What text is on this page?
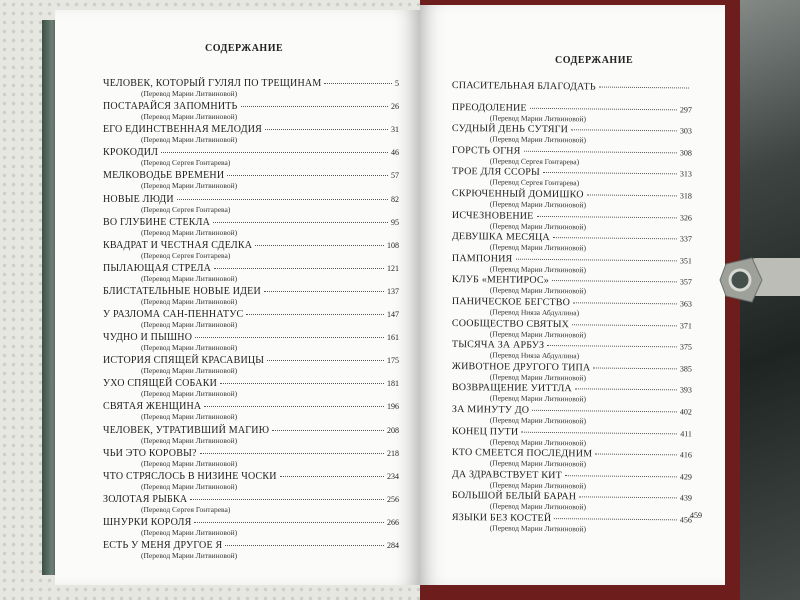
СОДЕРЖАНИЕ
СОДЕРЖАНИЕ
ЧЕЛОВЕК, КОТОРЫЙ ГУЛЯЛ ПО ТРЕЩИНАМ	5
(Перевод Марии Литвиновой)
ПОСТАРАЙСЯ ЗАПОМНИТЬ	26
(Перевод Марии Литвиновой)
ЕГО ЕДИНСТВЕННАЯ МЕЛОДИЯ	31
(Перевод Марии Литвиновой)
КРОКОДИЛ	46
(Перевод Сергея Гонтарева)
МЕЛКОВОДЬЕ ВРЕМЕНИ	57
(Перевод Марии Литвиновой)
НОВЫЕ ЛЮДИ	82
(Перевод Сергея Гонтарева)
ВО ГЛУБИНЕ СТЕКЛА	95
(Перевод Марии Литвиновой)
КВАДРАТ И ЧЕСТНАЯ СДЕЛКА	108
(Перевод Сергея Гонтарева)
ПЫЛАЮЩАЯ СТРЕЛА	121
(Перевод Марии Литвиновой)
БЛИСТАТЕЛЬНЫЕ НОВЫЕ ИДЕИ	137
(Перевод Марии Литвиновой)
У РАЗЛОМА САН-ПЕННАТУС	147
(Перевод Марии Литвиновой)
ЧУДНО И ПЫШНО	161
(Перевод Марии Литвиновой)
ИСТОРИЯ СПЯЩЕЙ КРАСАВИЦЫ	175
(Перевод Марии Литвиновой)
УХО СПЯЩЕЙ СОБАКИ	181
(Перевод Марии Литвиновой)
СВЯТАЯ ЖЕНЩИНА	196
(Перевод Марии Литвиновой)
ЧЕЛОВЕК, УТРАТИВШИЙ МАГИЮ	208
(Перевод Марии Литвиновой)
ЧЬИ ЭТО КОРОВЫ?	218
(Перевод Марии Литвиновой)
ЧТО СТРЯСЛОСЬ В НИЗИНЕ ЧОСКИ	234
(Перевод Марии Литвиновой)
ЗОЛОТАЯ РЫБКА	256
(Перевод Сергея Гонтарева)
ШНУРКИ КОРОЛЯ	266
(Перевод Марии Литвиновой)
ЕСТЬ У МЕНЯ ДРУГОЕ Я	284
(Перевод Марии Литвиновой)
СПАСИТЕЛЬНАЯ БЛАГОДАТЬ
ПРЕОДОЛЕНИЕ	297
(Перевод Марии Литвиновой)
СУДНЫЙ ДЕНЬ СУТЯГИ	303
(Перевод Марии Литвиновой)
ГОРСТЬ ОГНЯ	308
(Перевод Сергея Гонтарева)
ТРОЕ ДЛЯ ССОРЫ	313
(Перевод Сергея Гонтарева)
СКРЮЧЕННЫЙ ДОМИШКО	318
(Перевод Марии Литвиновой)
ИСЧЕЗНОВЕНИЕ	326
(Перевод Марии Литвиновой)
ДЕВУШКА МЕСЯЦА	337
(Перевод Марии Литвиновой)
ПАМПОНИЯ	351
(Перевод Марии Литвиновой)
КЛУБ «МЕНТИРОС»	357
(Перевод Марии Литвиновой)
ПАНИЧЕСКОЕ БЕГСТВО	363
(Перевод Ниязa Абдуллина)
СООБЩЕСТВО СВЯТЫХ	371
(Перевод Марии Литвиновой)
ТЫСЯЧА ЗА АРБУЗ	375
(Перевод Нияза Абдуллина)
ЖИВОТНОЕ ДРУГОГО ТИПА	385
(Перевод Марии Литвиновой)
ВОЗВРАЩЕНИЕ УИТТЛА	393
(Перевод Марии Литвиновой)
ЗА МИНУТУ ДО	402
(Перевод Марии Литвиновой)
КОНЕЦ ПУТИ	411
(Перевод Марии Литвиновой)
КТО СМЕЕТСЯ ПОСЛЕДНИМ	416
(Перевод Марии Литвиновой)
ДА ЗДРАВСТВУЕТ КИТ	429
(Перевод Марии Литвиновой)
БОЛЬШОЙ БЕЛЫЙ БАРАН	439
(Перевод Марии Литвиновой)
ЯЗЫКИ БЕЗ КОСТЕЙ	456
(Перевод Марии Литвиновой)
459
